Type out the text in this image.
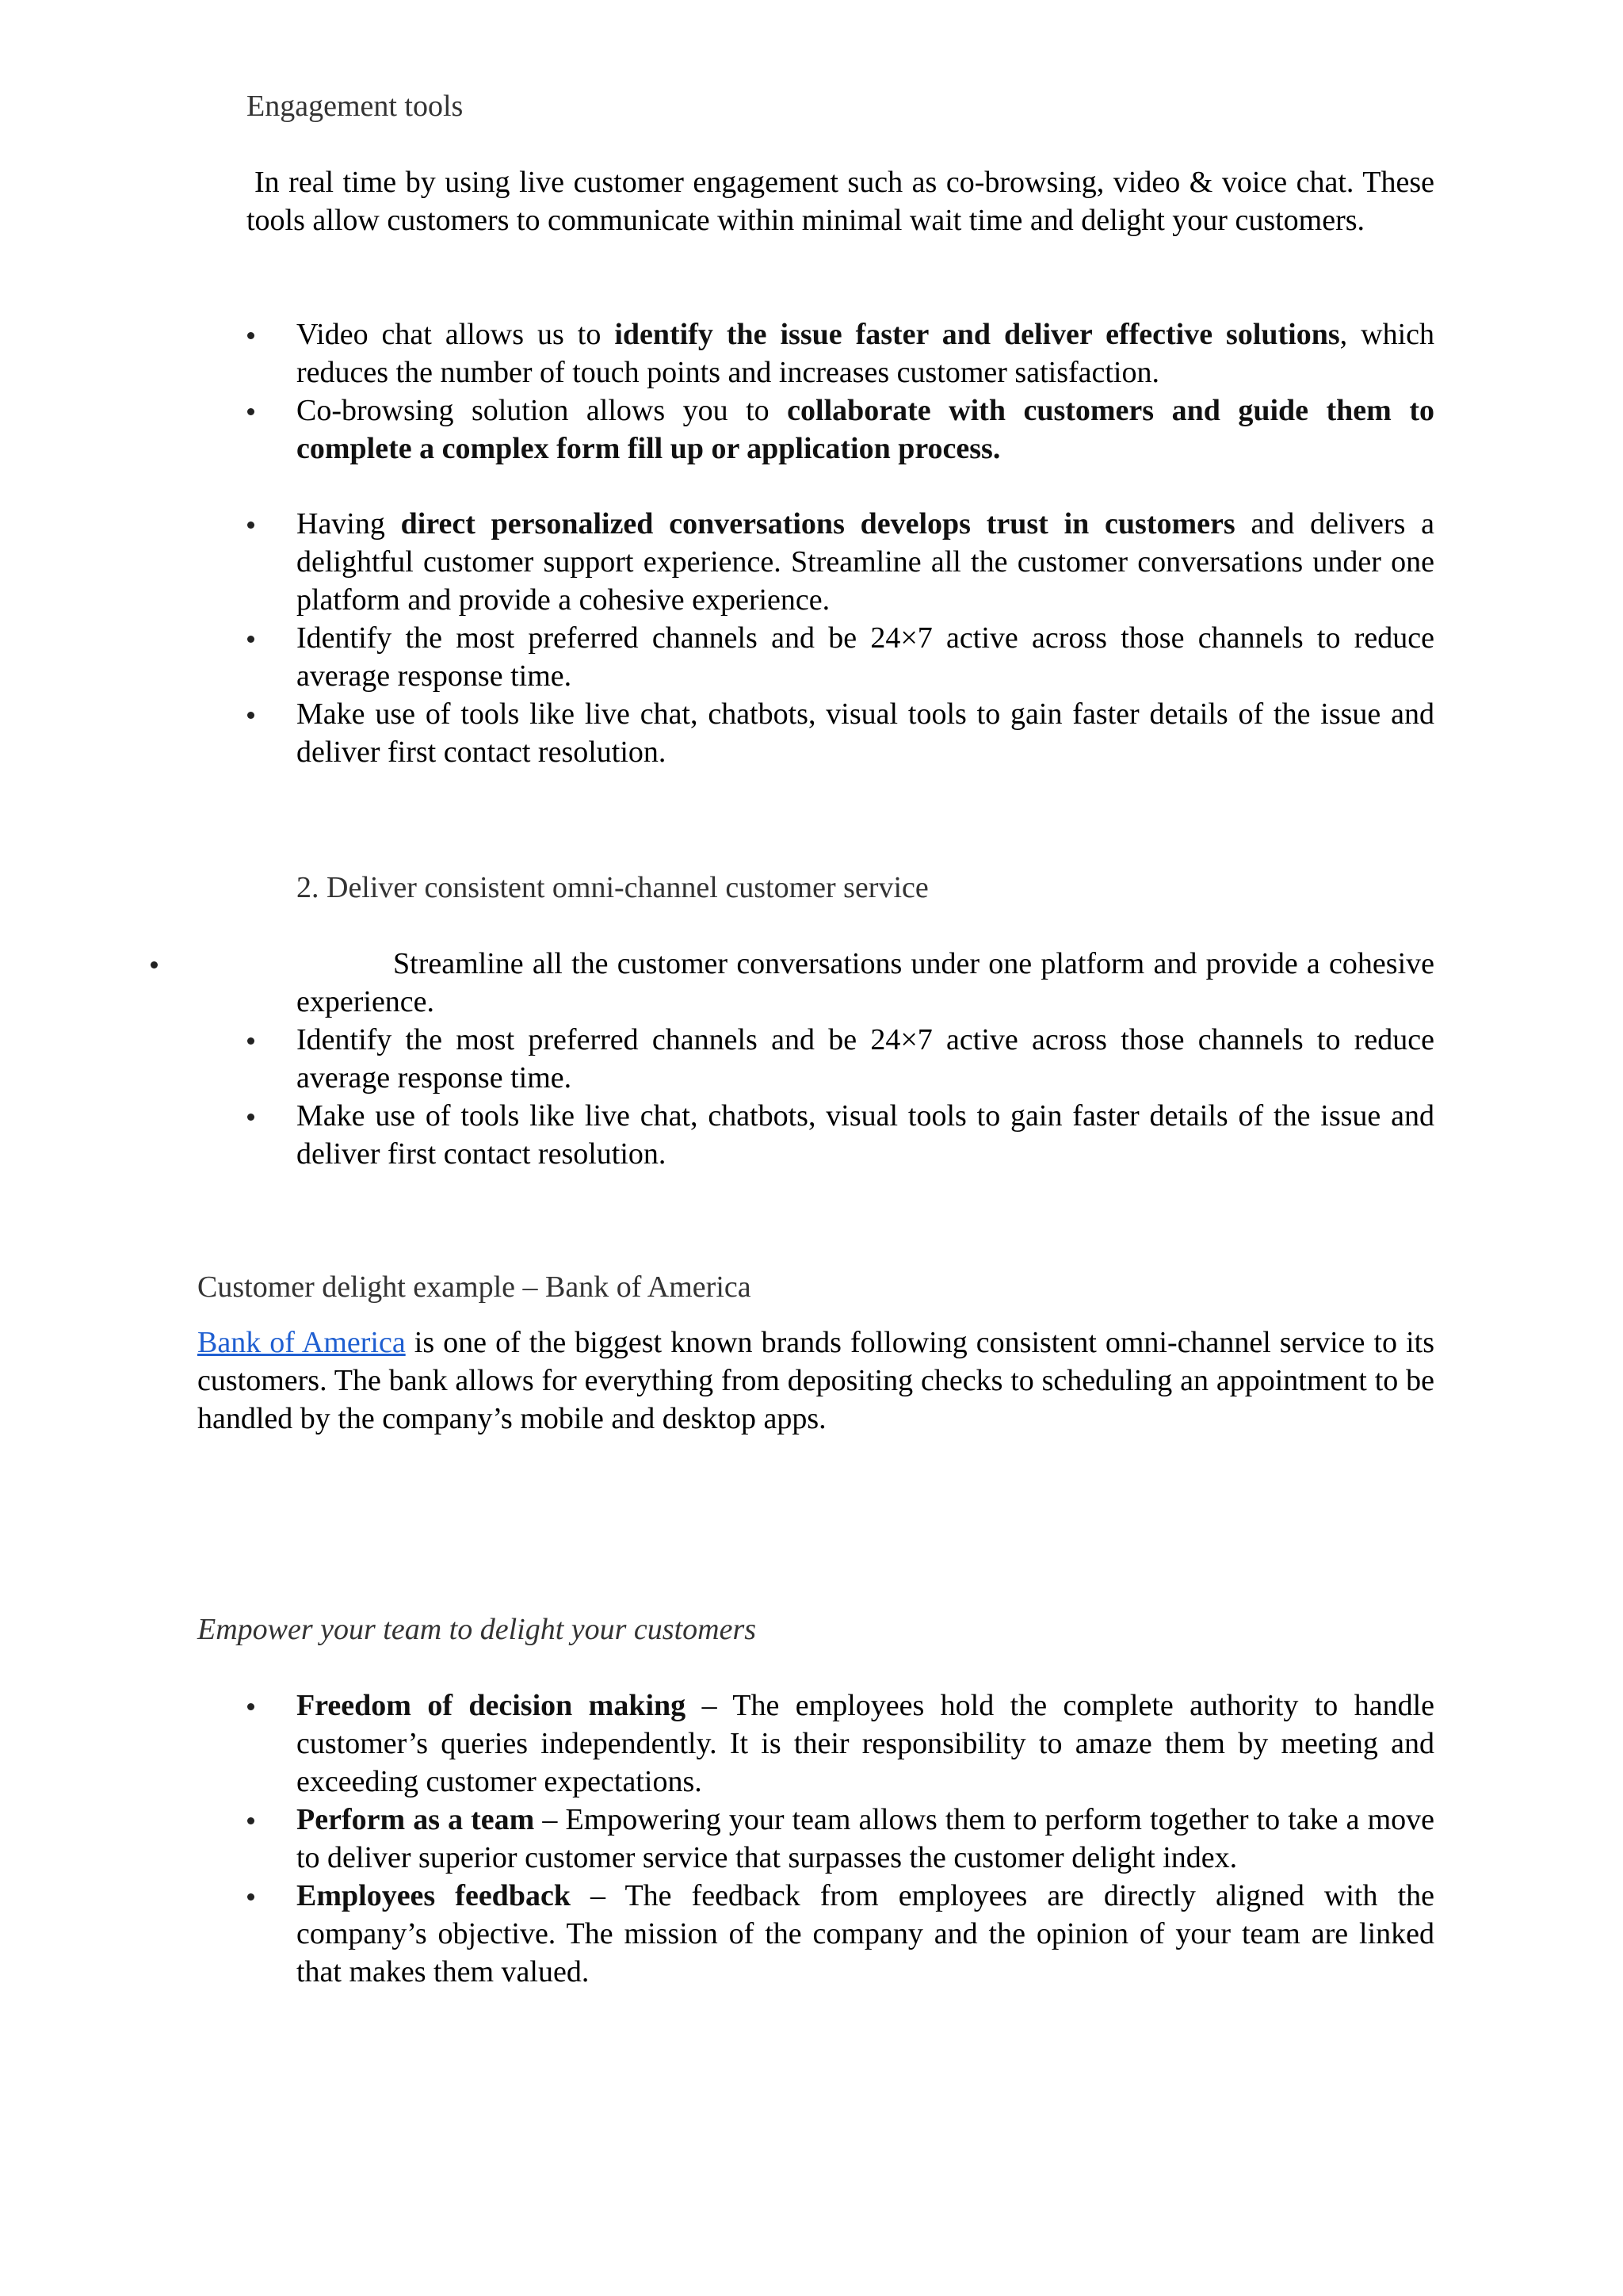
Engagement tools

In real time by using live customer engagement such as co-browsing, video & voice chat. These tools allow customers to communicate within minimal wait time and delight your customers.

Video chat allows us to identify the issue faster and deliver effective solutions, which reduces the number of touch points and increases customer satisfaction.
Co-browsing solution allows you to collaborate with customers and guide them to complete a complex form fill up or application process.
Having direct personalized conversations develops trust in customers and delivers a delightful customer support experience. Streamline all the customer conversations under one platform and provide a cohesive experience.
Identify the most preferred channels and be 24×7 active across those channels to reduce average response time.
Make use of tools like live chat, chatbots, visual tools to gain faster details of the issue and deliver first contact resolution.

2. Deliver consistent omni-channel customer service

Streamline all the customer conversations under one platform and provide a cohesive experience.
Identify the most preferred channels and be 24×7 active across those channels to reduce average response time.
Make use of tools like live chat, chatbots, visual tools to gain faster details of the issue and deliver first contact resolution.

Customer delight example – Bank of America

Bank of America is one of the biggest known brands following consistent omni-channel service to its customers. The bank allows for everything from depositing checks to scheduling an appointment to be handled by the company’s mobile and desktop apps.

Empower your team to delight your customers

Freedom of decision making – The employees hold the complete authority to handle customer’s queries independently. It is their responsibility to amaze them by meeting and exceeding customer expectations.
Perform as a team – Empowering your team allows them to perform together to take a move to deliver superior customer service that surpasses the customer delight index.
Employees feedback – The feedback from employees are directly aligned with the company’s objective. The mission of the company and the opinion of your team are linked that makes them valued.
